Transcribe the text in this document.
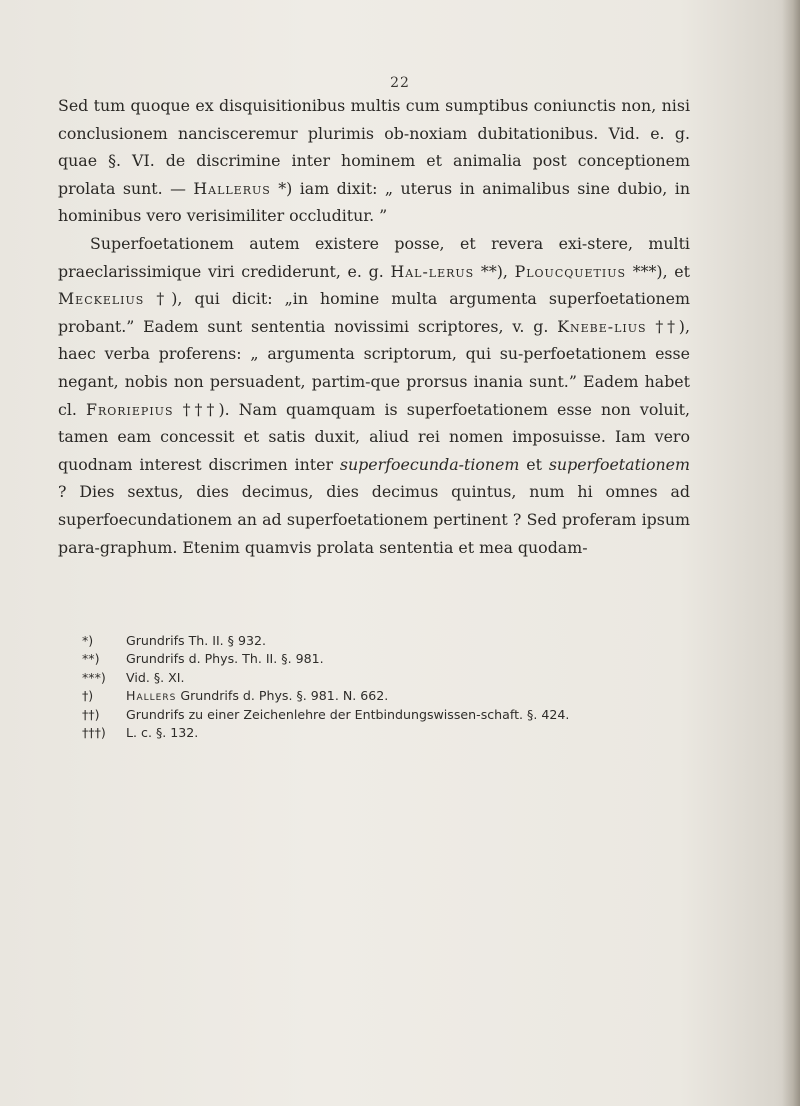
22

Sed tum quoque ex disquisitionibus multis cum sumptibus coniunctis non, nisi conclusionem nancisceremur plurimis ob-noxiam dubitationibus. Vid. e. g. quae §. VI. de discrimine inter hominem et animalia post conceptionem prolata sunt. — Hallerus *) iam dixit: „ uterus in animalibus sine dubio, in hominibus vero verisimiliter occluditur. ”

Superfoetationem autem existere posse, et revera exi-stere, multi praeclarissimique viri crediderunt, e. g. Hal-lerus **), Ploucquetius ***), et Meckelius †), qui dicit: „in homine multa argumenta superfoetationem probant.” Eadem sunt sententia novissimi scriptores, v. g. Knebe-lius ††), haec verba proferens: „ argumenta scriptorum, qui su-perfoetationem esse negant, nobis non persuadent, partim-que prorsus inania sunt.” Eadem habet cl. Froriepius †††). Nam quamquam is superfoetationem esse non voluit, tamen eam concessit et satis duxit, aliud rei nomen imposuisse. Iam vero quodnam interest discrimen inter superfoecunda-tionem et superfoetationem ? Dies sextus, dies decimus, dies decimus quintus, num hi omnes ad superfoecundationem an ad superfoetationem pertinent ? Sed proferam ipsum para-graphum. Etenim quamvis prolata sententia et mea quodam-

*)	Grundrifs Th. II. § 932.
**)	Grundrifs d. Phys. Th. II. §. 981.
***)	Vid. §. XI.
†)	Hallers Grundrifs d. Phys. §. 981. N. 662.
††)	Grundrifs zu einer Zeichenlehre der Entbindungswissen-schaft. §. 424.
†††)	L. c. §. 132.
